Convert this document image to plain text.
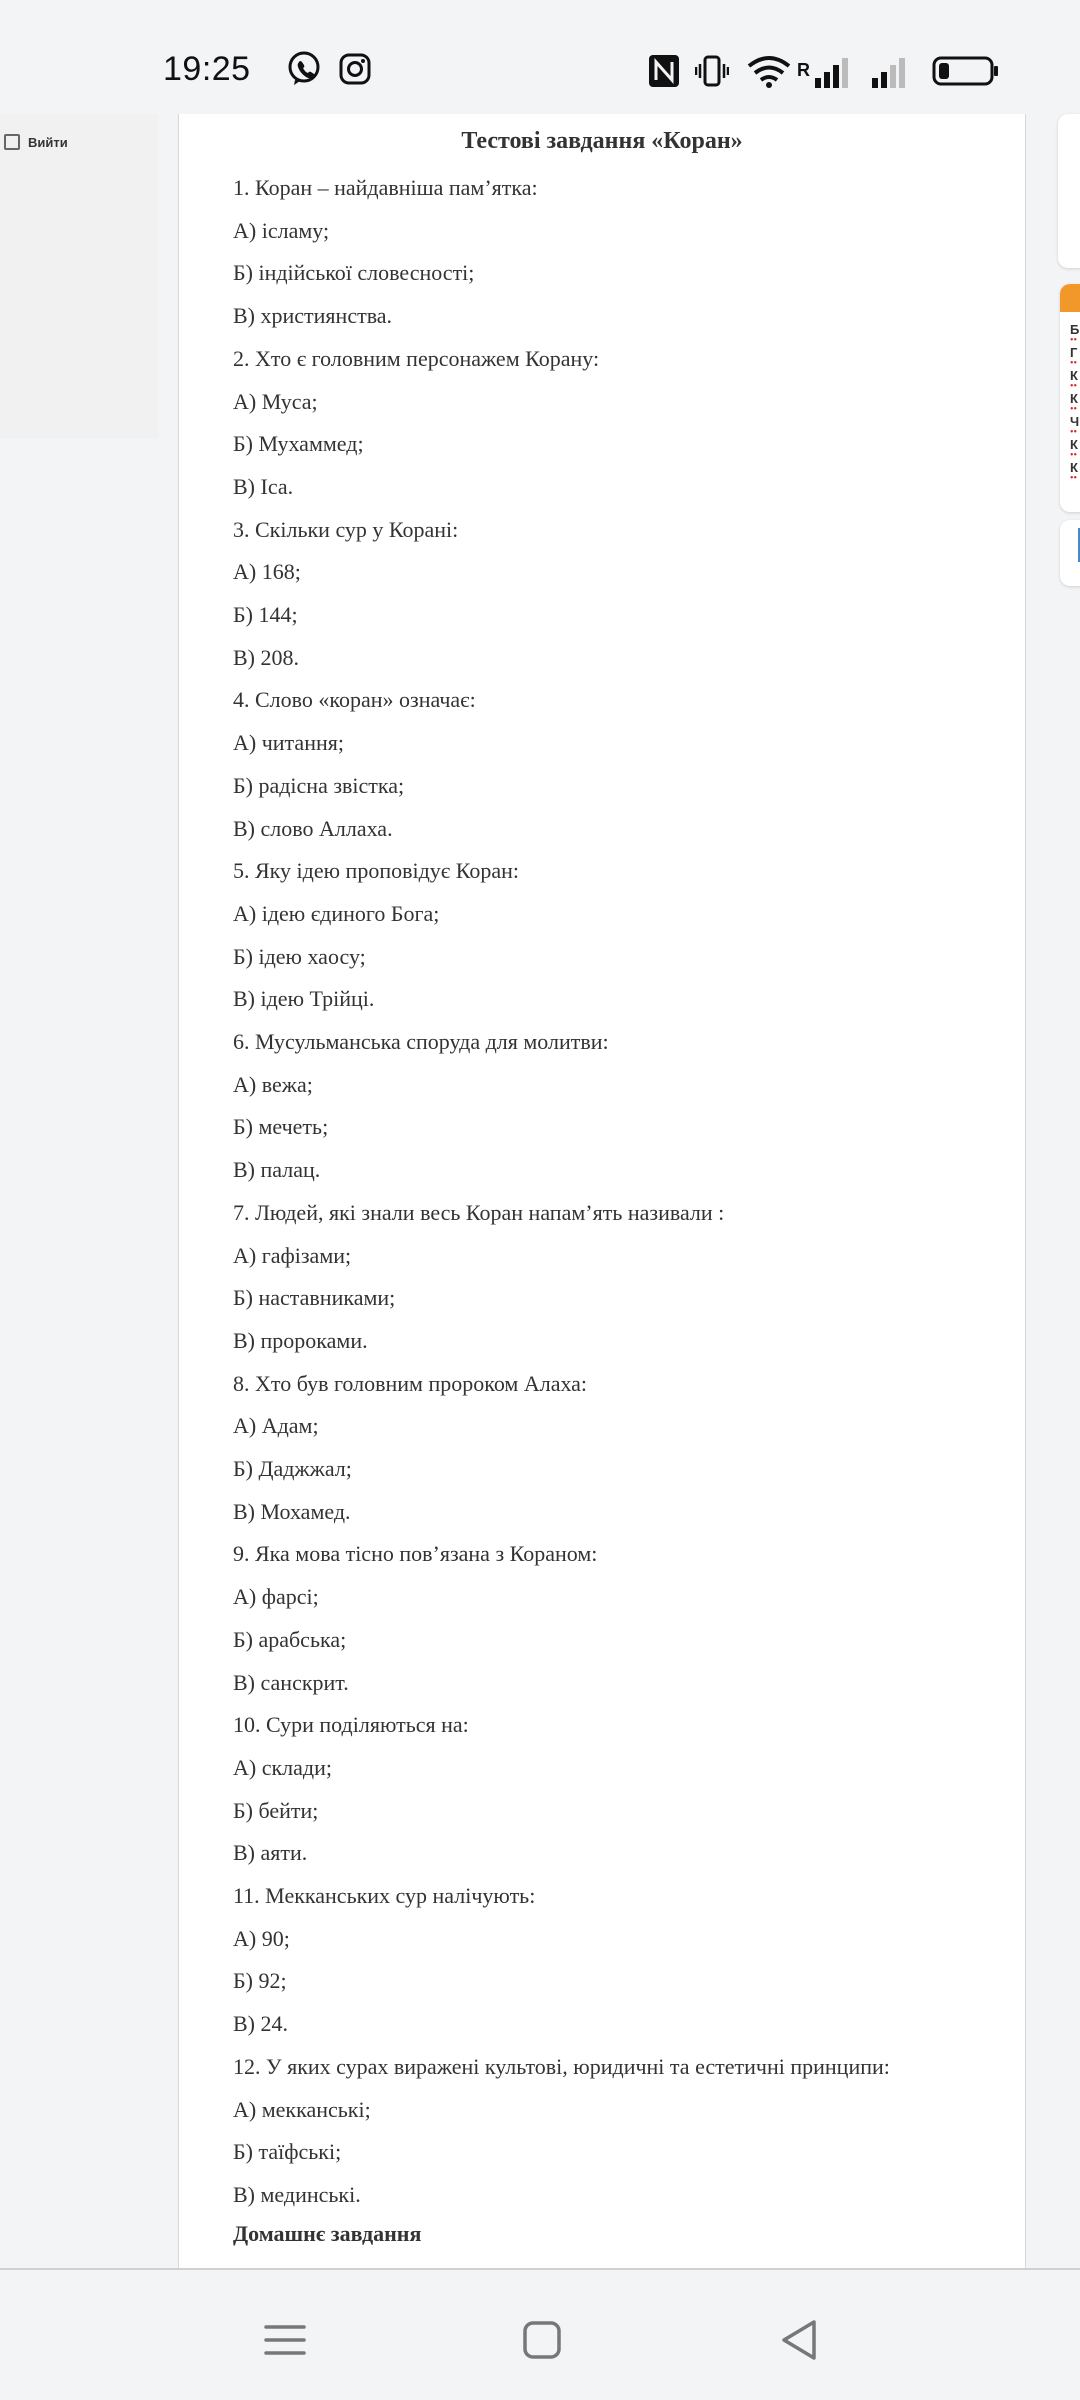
19:25	R
Вийти	Тестові завдання «Коран»
1. Коран – найдавніша пам’ятка:
А) ісламу;
Б) індійської словесності;
В) християнства.
2. Хто є головним персонажем Корану:
А) Муса;
Б) Мухаммед;
В) Іса.
3. Скільки сур у Корані:
А) 168;
Б) 144;
В) 208.
4. Слово «коран» означає:
А) читання;
Б) радісна звістка;
В) слово Аллаха.
5. Яку ідею проповідує Коран:
А) ідею єдиного Бога;
Б) ідею хаосу;
В) ідею Трійці.
6. Мусульманська споруда для молитви:
А) вежа;
Б) мечеть;
В) палац.
7. Людей, які знали весь Коран напам’ять називали :
А) гафізами;
Б) наставниками;
В) пророками.
8. Хто був головним пророком Алаха:
А) Адам;
Б) Даджжал;
В) Мохамед.
9. Яка мова тісно пов’язана з Кораном:
А) фарсі;
Б) арабська;
В) санскрит.
10. Сури поділяються на:
А) склади;
Б) бейти;
В) аяти.
11. Мекканських сур налічують:
А) 90;
Б) 92;
В) 24.
12. У яких сурах виражені культові, юридичні та естетичні принципи:
А) мекканські;
Б) таїфські;
В) мединські.
Домашнє завдання
Б
••
Г
••
К
••
К
••
Ч
••
К
••
К
••
